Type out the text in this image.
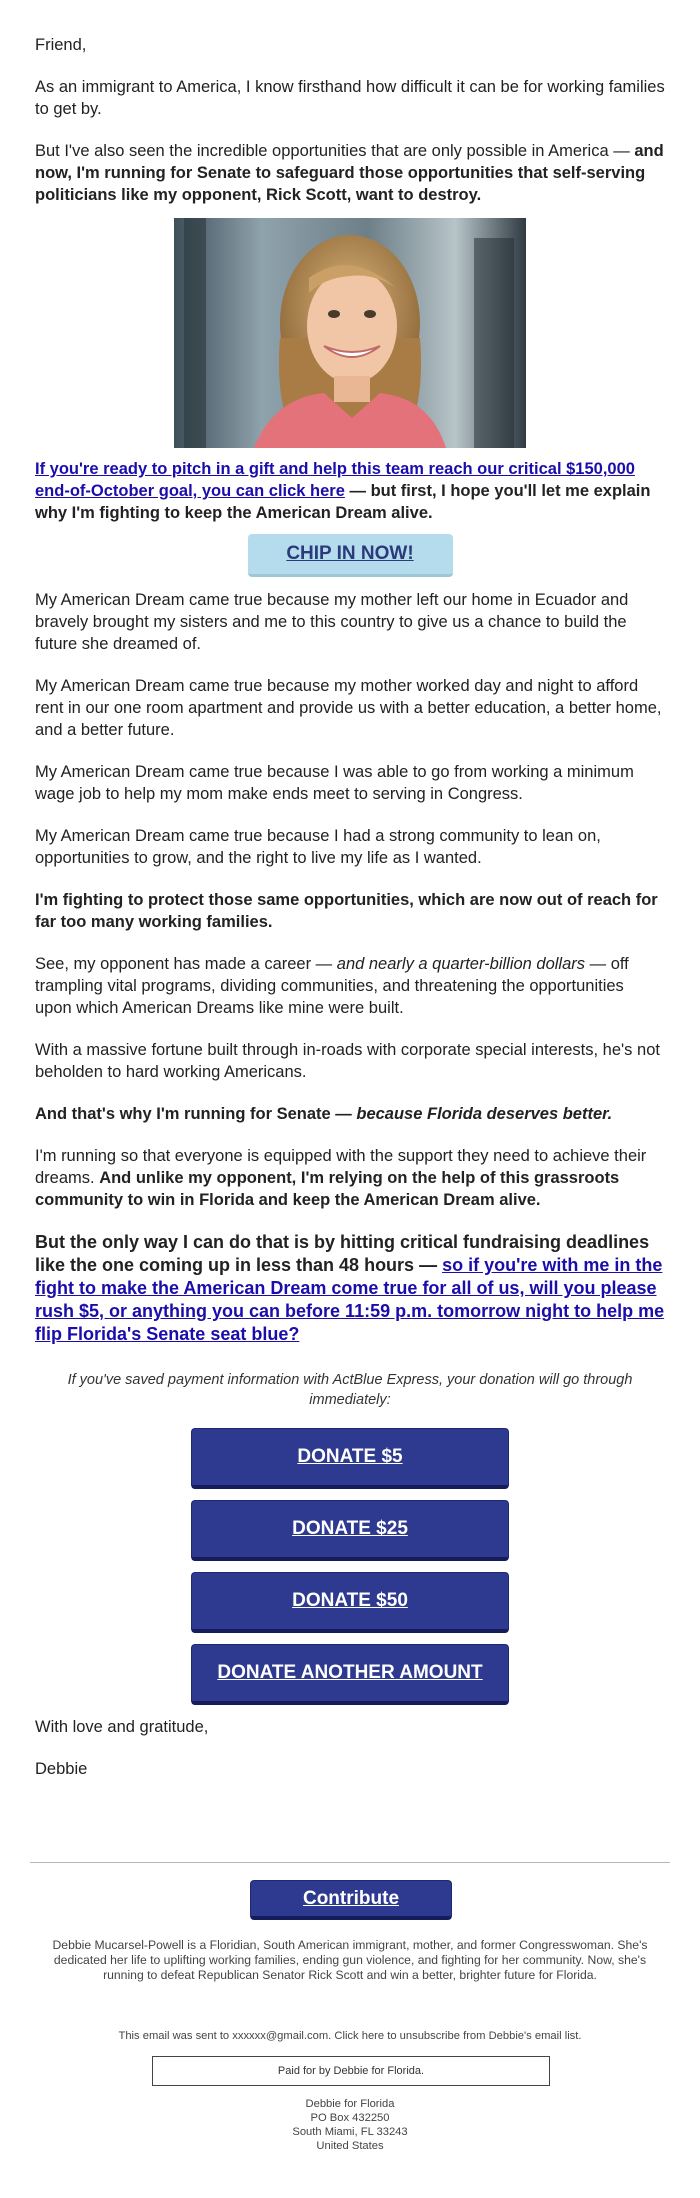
Friend,

As an immigrant to America, I know firsthand how difficult it can be for working families to get by.

But I've also seen the incredible opportunities that are only possible in America — and now, I'm running for Senate to safeguard those opportunities that self-serving politicians like my opponent, Rick Scott, want to destroy.

If you're ready to pitch in a gift and help this team reach our critical $150,000 end-of-October goal, you can click here — but first, I hope you'll let me explain why I'm fighting to keep the American Dream alive.

CHIP IN NOW!

My American Dream came true because my mother left our home in Ecuador and bravely brought my sisters and me to this country to give us a chance to build the future she dreamed of.

My American Dream came true because my mother worked day and night to afford rent in our one room apartment and provide us with a better education, a better home, and a better future.

My American Dream came true because I was able to go from working a minimum wage job to help my mom make ends meet to serving in Congress.

My American Dream came true because I had a strong community to lean on, opportunities to grow, and the right to live my life as I wanted.

I'm fighting to protect those same opportunities, which are now out of reach for far too many working families.

See, my opponent has made a career — and nearly a quarter-billion dollars — off trampling vital programs, dividing communities, and threatening the opportunities upon which American Dreams like mine were built.

With a massive fortune built through in-roads with corporate special interests, he's not beholden to hard working Americans.

And that's why I'm running for Senate — because Florida deserves better.

I'm running so that everyone is equipped with the support they need to achieve their dreams. And unlike my opponent, I'm relying on the help of this grassroots community to win in Florida and keep the American Dream alive.

But the only way I can do that is by hitting critical fundraising deadlines like the one coming up in less than 48 hours — so if you're with me in the fight to make the American Dream come true for all of us, will you please rush $5, or anything you can before 11:59 p.m. tomorrow night to help me flip Florida's Senate seat blue?

If you've saved payment information with ActBlue Express, your donation will go through immediately:

DONATE $5
DONATE $25
DONATE $50
DONATE ANOTHER AMOUNT

With love and gratitude,

Debbie

Contribute

Debbie Mucarsel-Powell is a Floridian, South American immigrant, mother, and former Congresswoman. She's dedicated her life to uplifting working families, ending gun violence, and fighting for her community. Now, she's running to defeat Republican Senator Rick Scott and win a better, brighter future for Florida.

This email was sent to xxxxxx@gmail.com. Click here to unsubscribe from Debbie's email list.

Paid for by Debbie for Florida.
Debbie for Florida
PO Box 432250
South Miami, FL 33243
United States
